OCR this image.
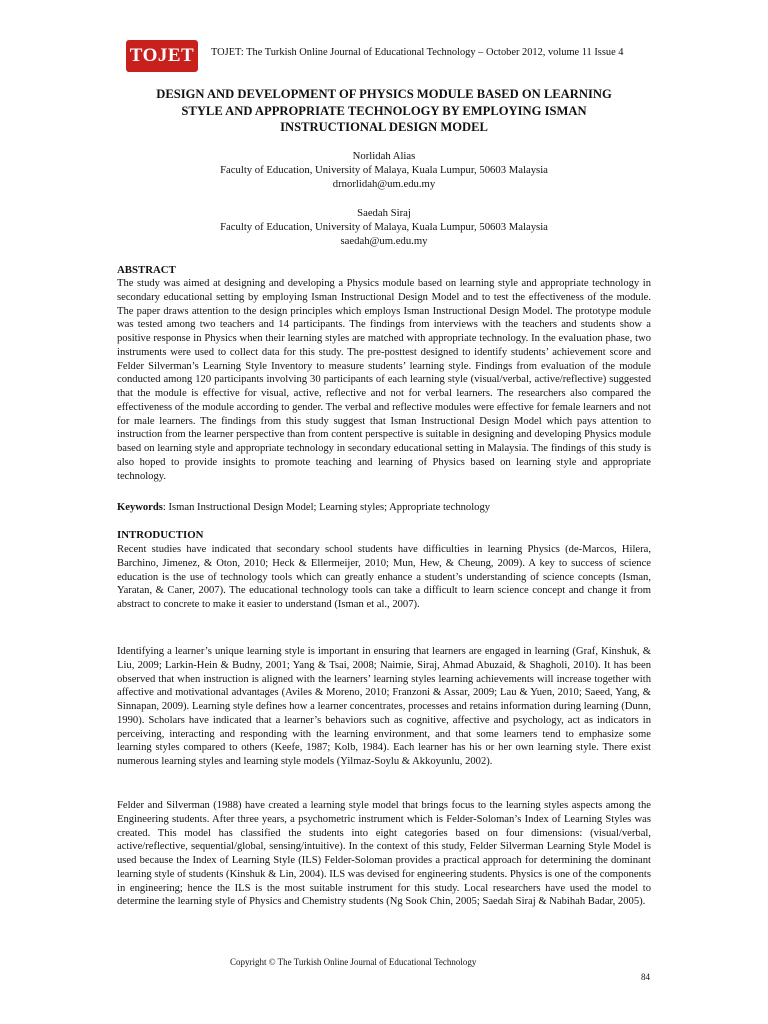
TOJET	TOJET: The Turkish Online Journal of Educational Technology – October 2012, volume 11 Issue 4
DESIGN AND DEVELOPMENT OF PHYSICS MODULE BASED ON LEARNING
STYLE AND APPROPRIATE TECHNOLOGY BY EMPLOYING ISMAN
INSTRUCTIONAL DESIGN MODEL
Norlidah Alias
Faculty of Education, University of Malaya, Kuala Lumpur, 50603 Malaysia
drnorlidah@um.edu.my
Saedah Siraj
Faculty of Education, University of Malaya, Kuala Lumpur, 50603 Malaysia
saedah@um.edu.my
ABSTRACT

The study was aimed at designing and developing a Physics module based on learning style and appropriate technology in secondary educational setting by employing Isman Instructional Design Model and to test the effectiveness of the module. The paper draws attention to the design principles which employs Isman Instructional Design Model. The prototype module was tested among two teachers and 14 participants. The findings from interviews with the teachers and students show a positive response in Physics when their learning styles are matched with appropriate technology. In the evaluation phase, two instruments were used to collect data for this study. The pre-posttest designed to identify students’ achievement score and Felder Silverman’s Learning Style Inventory to measure students’ learning style. Findings from evaluation of the module conducted among 120 participants involving 30 participants of each learning style (visual/verbal, active/reflective) suggested that the module is effective for visual, active, reflective and not for verbal learners. The researchers also compared the effectiveness of the module according to gender. The verbal and reflective modules were effective for female learners and not for male learners. The findings from this study suggest that Isman Instructional Design Model which pays attention to instruction from the learner perspective than from content perspective is suitable in designing and developing Physics module based on learning style and appropriate technology in secondary educational setting in Malaysia. The findings of this study is also hoped to provide insights to promote teaching and learning of Physics based on learning style and appropriate technology.

Keywords: Isman Instructional Design Model; Learning styles; Appropriate technology

INTRODUCTION

Recent studies have indicated that secondary school students have difficulties in learning Physics (de-Marcos, Hilera, Barchino, Jimenez, & Oton, 2010; Heck & Ellermeijer, 2010; Mun, Hew, & Cheung, 2009). A key to success of science education is the use of technology tools which can greatly enhance a student’s understanding of science concepts (Isman, Yaratan, & Caner, 2007). The educational technology tools can take a difficult to learn science concept and change it from abstract to concrete to make it easier to understand (Isman et al., 2007).

Identifying a learner’s unique learning style is important in ensuring that learners are engaged in learning (Graf, Kinshuk, & Liu, 2009; Larkin-Hein & Budny, 2001; Yang & Tsai, 2008; Naimie, Siraj, Ahmad Abuzaid, & Shagholi, 2010). It has been observed that when instruction is aligned with the learners’ learning styles learning achievements will increase together with affective and motivational advantages (Aviles & Moreno, 2010; Franzoni & Assar, 2009; Lau & Yuen, 2010; Saeed, Yang, & Sinnapan, 2009). Learning style defines how a learner concentrates, processes and retains information during learning (Dunn, 1990). Scholars have indicated that a learner’s behaviors such as cognitive, affective and psychology, act as indicators in perceiving, interacting and responding with the learning environment, and that some learners tend to emphasize some learning styles compared to others (Keefe, 1987; Kolb, 1984). Each learner has his or her own learning style. There exist numerous learning styles and learning style models (Yilmaz-Soylu & Akkoyunlu, 2002).

Felder and Silverman (1988) have created a learning style model that brings focus to the learning styles aspects among the Engineering students. After three years, a psychometric instrument which is Felder-Soloman’s Index of Learning Styles was created. This model has classified the students into eight categories based on four dimensions: (visual/verbal, active/reflective, sequential/global, sensing/intuitive). In the context of this study, Felder Silverman Learning Style Model is used because the Index of Learning Style (ILS) Felder-Soloman provides a practical approach for determining the dominant learning style of students (Kinshuk & Lin, 2004). ILS was devised for engineering students. Physics is one of the components in engineering; hence the ILS is the most suitable instrument for this study. Local researchers have used the model to determine the learning style of Physics and Chemistry students (Ng Sook Chin, 2005; Saedah Siraj & Nabihah Badar, 2005).

Copyright © The Turkish Online Journal of Educational Technology
84
